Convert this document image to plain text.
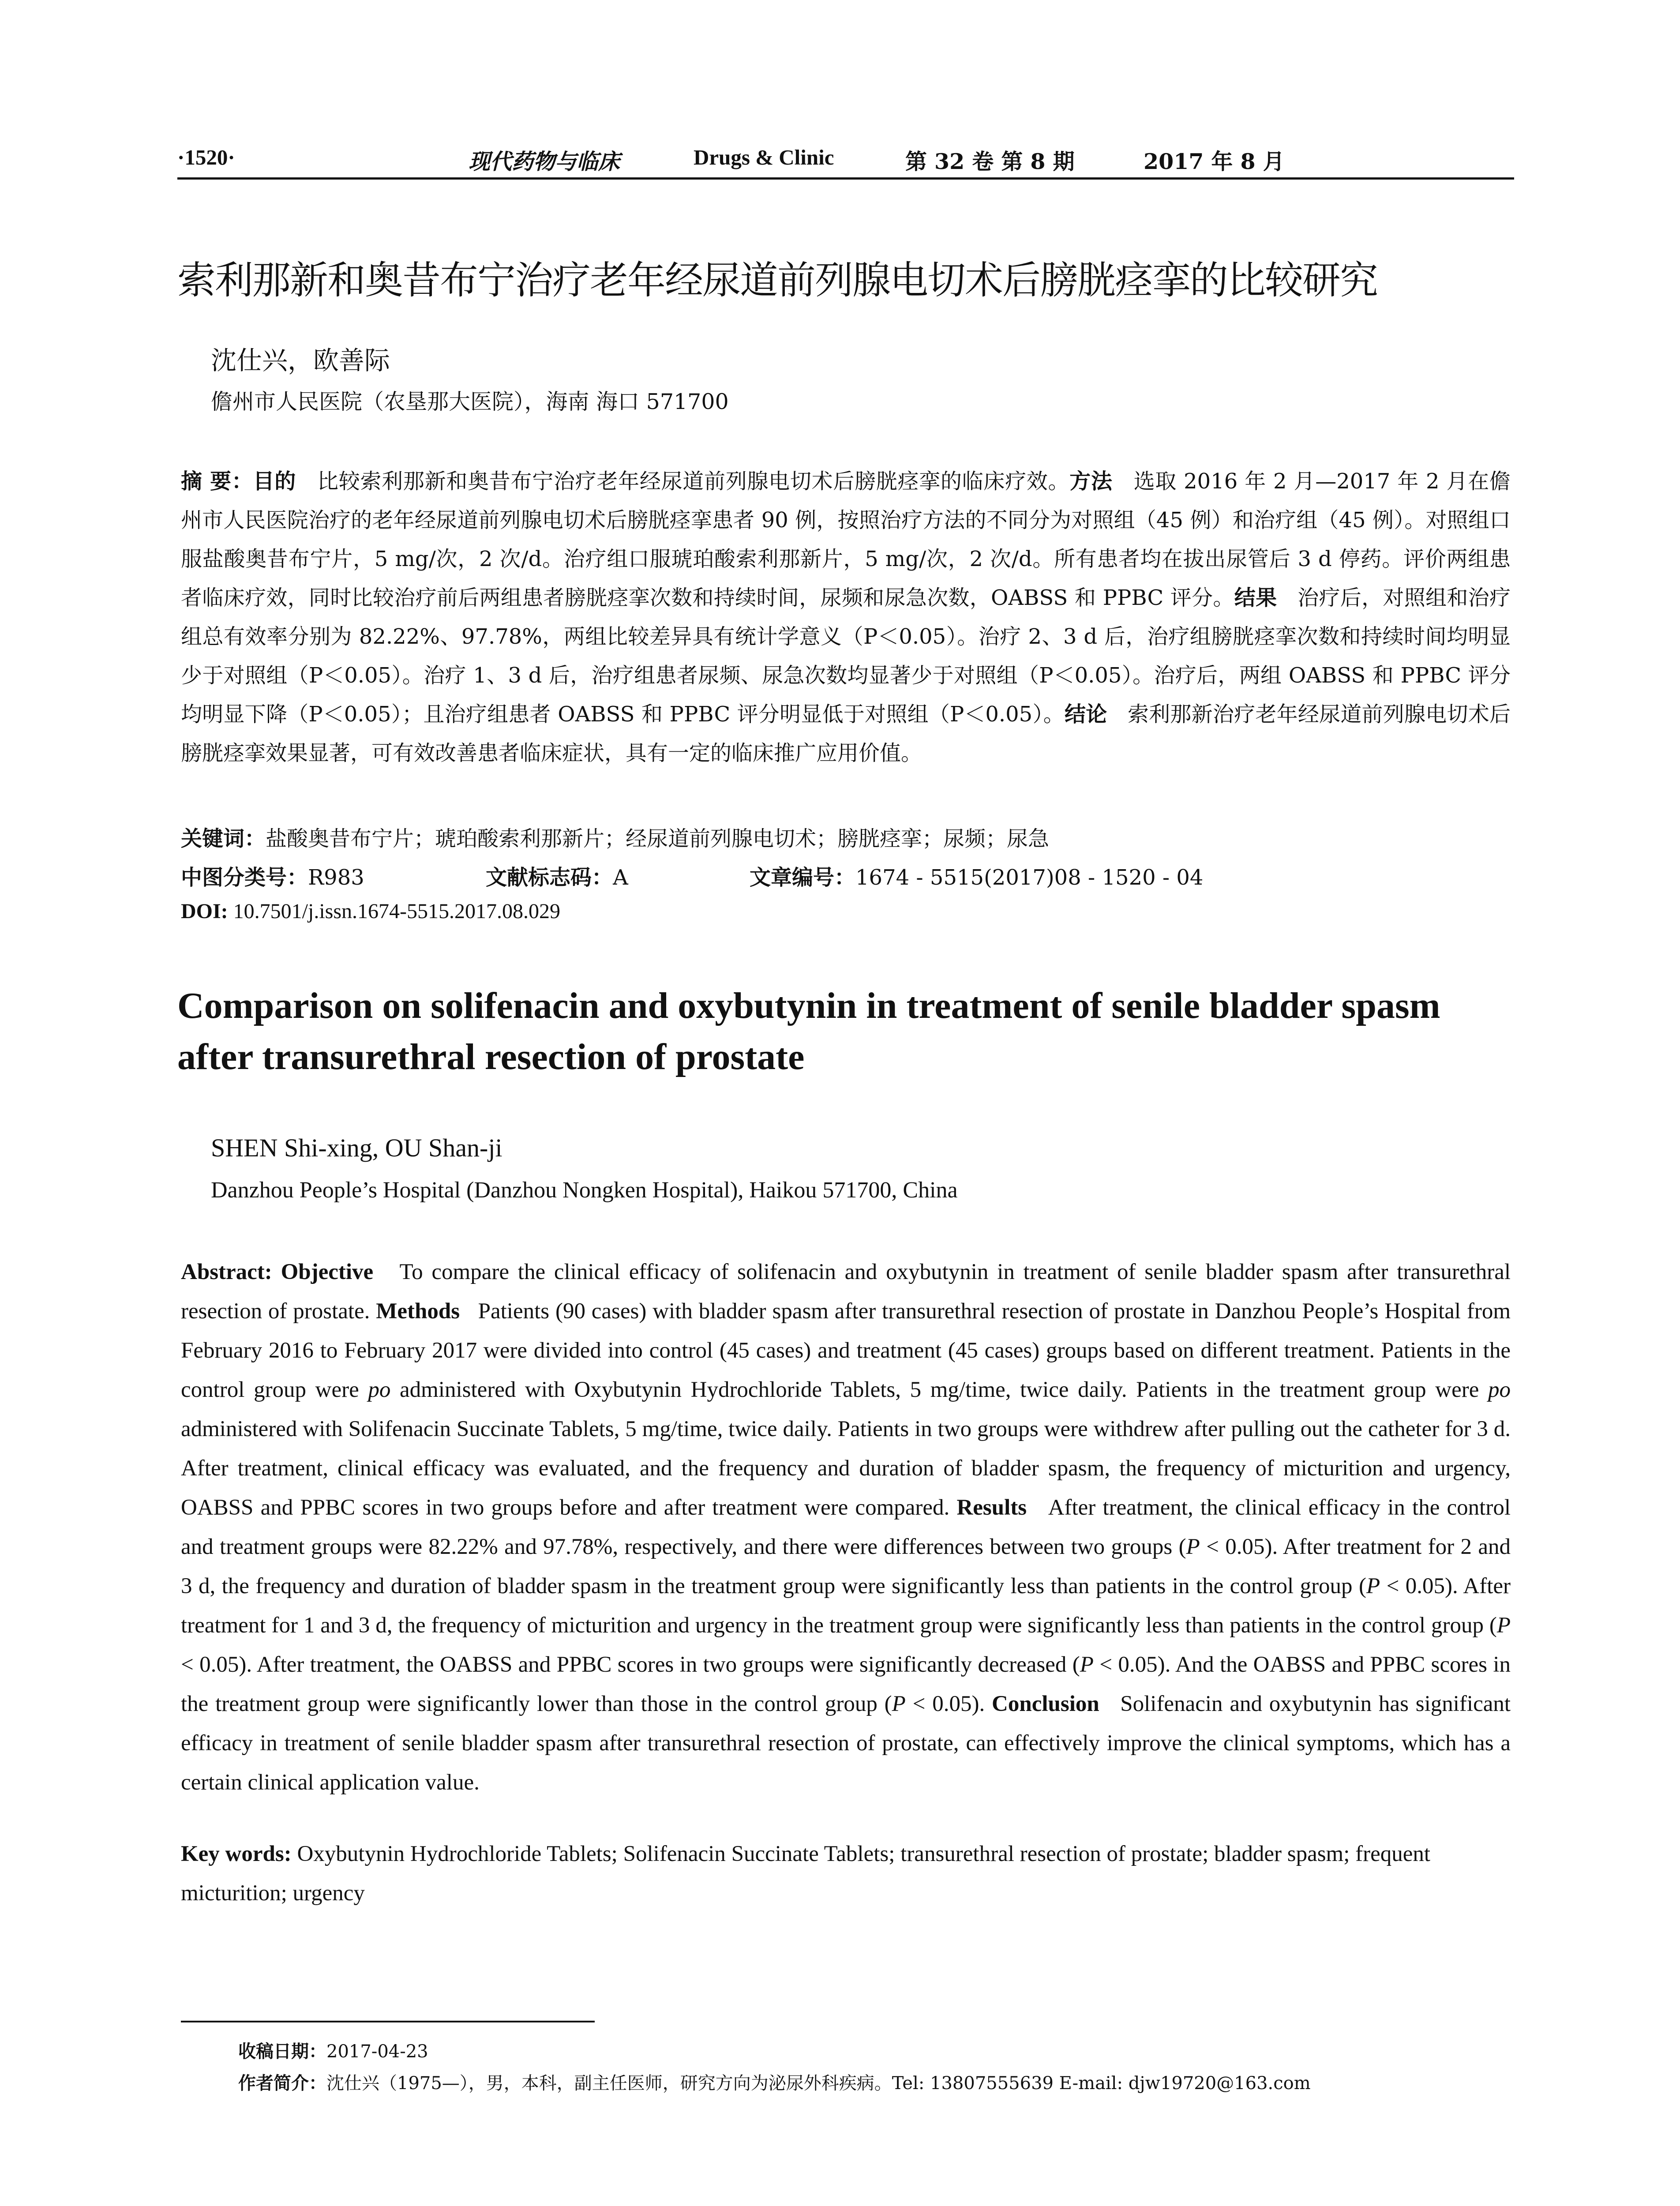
·1520·	现代药物与临床	Drugs & Clinic	第 32 卷 第 8 期	2017 年 8 月
索利那新和奥昔布宁治疗老年经尿道前列腺电切术后膀胱痉挛的比较研究
沈仕兴，欧善际
儋州市人民医院（农垦那大医院），海南 海口 571700
摘 要：目的 比较索利那新和奥昔布宁治疗老年经尿道前列腺电切术后膀胱痉挛的临床疗效。方法 选取 2016 年 2 月—2017 年 2 月在儋州市人民医院治疗的老年经尿道前列腺电切术后膀胱痉挛患者 90 例，按照治疗方法的不同分为对照组（45 例）和治疗组（45 例）。对照组口服盐酸奥昔布宁片，5 mg/次，2 次/d。治疗组口服琥珀酸索利那新片，5 mg/次，2 次/d。所有患者均在拔出尿管后 3 d 停药。评价两组患者临床疗效，同时比较治疗前后两组患者膀胱痉挛次数和持续时间，尿频和尿急次数，OABSS 和 PPBC 评分。结果 治疗后，对照组和治疗组总有效率分别为 82.22%、97.78%，两组比较差异具有统计学意义（P＜0.05）。治疗 2、3 d 后，治疗组膀胱痉挛次数和持续时间均明显少于对照组（P＜0.05）。治疗 1、3 d 后，治疗组患者尿频、尿急次数均显著少于对照组（P＜0.05）。治疗后，两组 OABSS 和 PPBC 评分均明显下降（P＜0.05）；且治疗组患者 OABSS 和 PPBC 评分明显低于对照组（P＜0.05）。结论 索利那新治疗老年经尿道前列腺电切术后膀胱痉挛效果显著，可有效改善患者临床症状，具有一定的临床推广应用价值。
关键词：盐酸奥昔布宁片；琥珀酸索利那新片；经尿道前列腺电切术；膀胱痉挛；尿频；尿急
中图分类号：R983	文献标志码：A	文章编号：1674 - 5515(2017)08 - 1520 - 04
DOI: 10.7501/j.issn.1674-5515.2017.08.029
Comparison on solifenacin and oxybutynin in treatment of senile bladder spasm after transurethral resection of prostate
SHEN Shi-xing, OU Shan-ji
Danzhou People’s Hospital (Danzhou Nongken Hospital), Haikou 571700, China
Abstract: Objective To compare the clinical efficacy of solifenacin and oxybutynin in treatment of senile bladder spasm after transurethral resection of prostate. Methods Patients (90 cases) with bladder spasm after transurethral resection of prostate in Danzhou People’s Hospital from February 2016 to February 2017 were divided into control (45 cases) and treatment (45 cases) groups based on different treatment. Patients in the control group were po administered with Oxybutynin Hydrochloride Tablets, 5 mg/time, twice daily. Patients in the treatment group were po administered with Solifenacin Succinate Tablets, 5 mg/time, twice daily. Patients in two groups were withdrew after pulling out the catheter for 3 d. After treatment, clinical efficacy was evaluated, and the frequency and duration of bladder spasm, the frequency of micturition and urgency, OABSS and PPBC scores in two groups before and after treatment were compared. Results After treatment, the clinical efficacy in the control and treatment groups were 82.22% and 97.78%, respectively, and there were differences between two groups (P < 0.05). After treatment for 2 and 3 d, the frequency and duration of bladder spasm in the treatment group were significantly less than patients in the control group (P < 0.05). After treatment for 1 and 3 d, the frequency of micturition and urgency in the treatment group were significantly less than patients in the control group (P < 0.05). After treatment, the OABSS and PPBC scores in two groups were significantly decreased (P < 0.05). And the OABSS and PPBC scores in the treatment group were significantly lower than those in the control group (P < 0.05). Conclusion Solifenacin and oxybutynin has significant efficacy in treatment of senile bladder spasm after transurethral resection of prostate, can effectively improve the clinical symptoms, which has a certain clinical application value.
Key words: Oxybutynin Hydrochloride Tablets; Solifenacin Succinate Tablets; transurethral resection of prostate; bladder spasm; frequent micturition; urgency
收稿日期：2017-04-23
作者简介：沈仕兴（1975—），男，本科，副主任医师，研究方向为泌尿外科疾病。Tel: 13807555639 E-mail: djw19720@163.com
